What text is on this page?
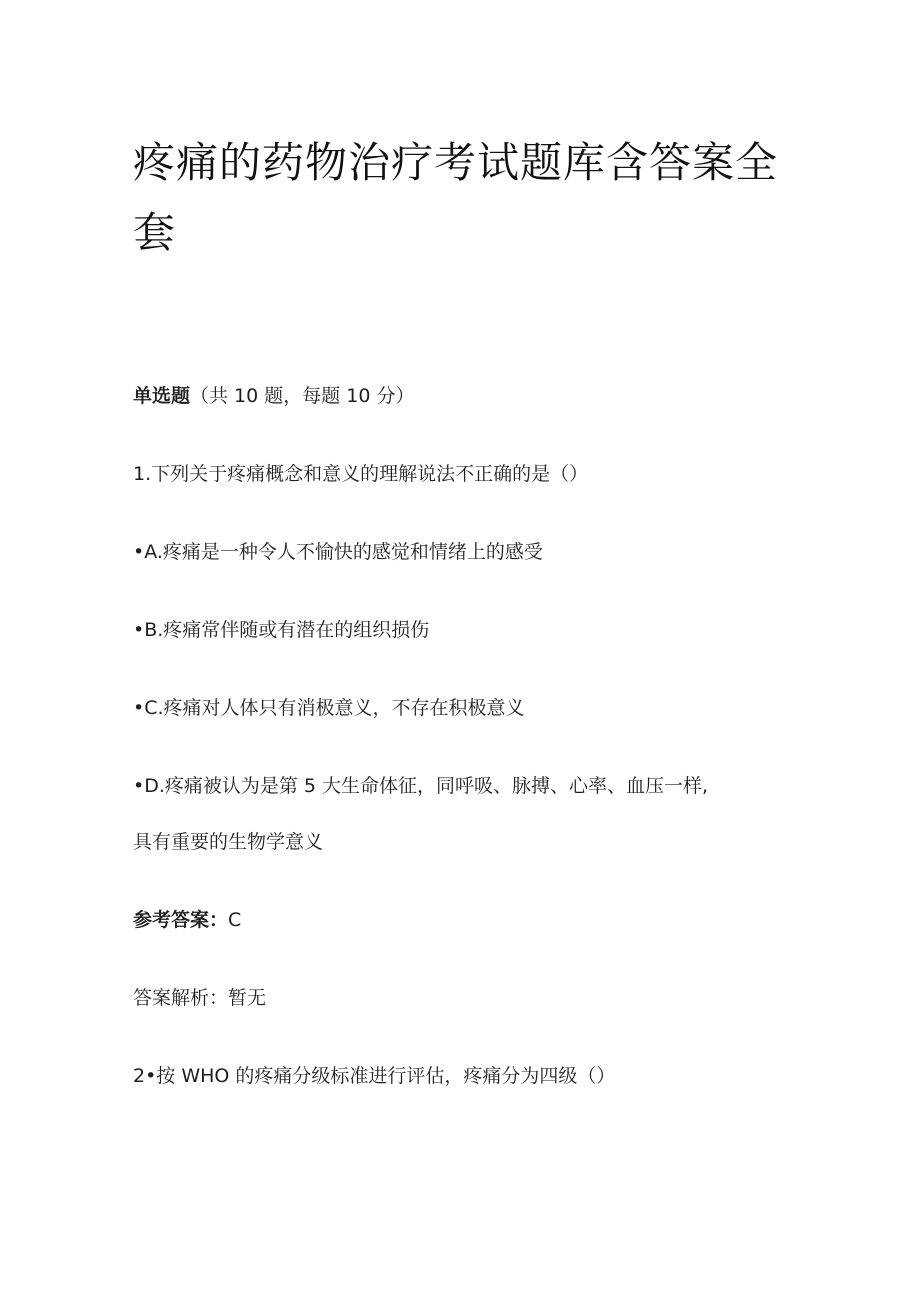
疼痛的药物治疗考试题库含答案全套
单选题（共 10 题，每题 10 分）
1.下列关于疼痛概念和意义的理解说法不正确的是（）
•A.疼痛是一种令人不愉快的感觉和情绪上的感受
•B.疼痛常伴随或有潜在的组织损伤
•C.疼痛对人体只有消极意义，不存在积极意义
•D.疼痛被认为是第 5 大生命体征，同呼吸、脉搏、心率、血压一样,
具有重要的生物学意义
参考答案：C
答案解析：暂无
2•按 WHO 的疼痛分级标准进行评估，疼痛分为四级（）
